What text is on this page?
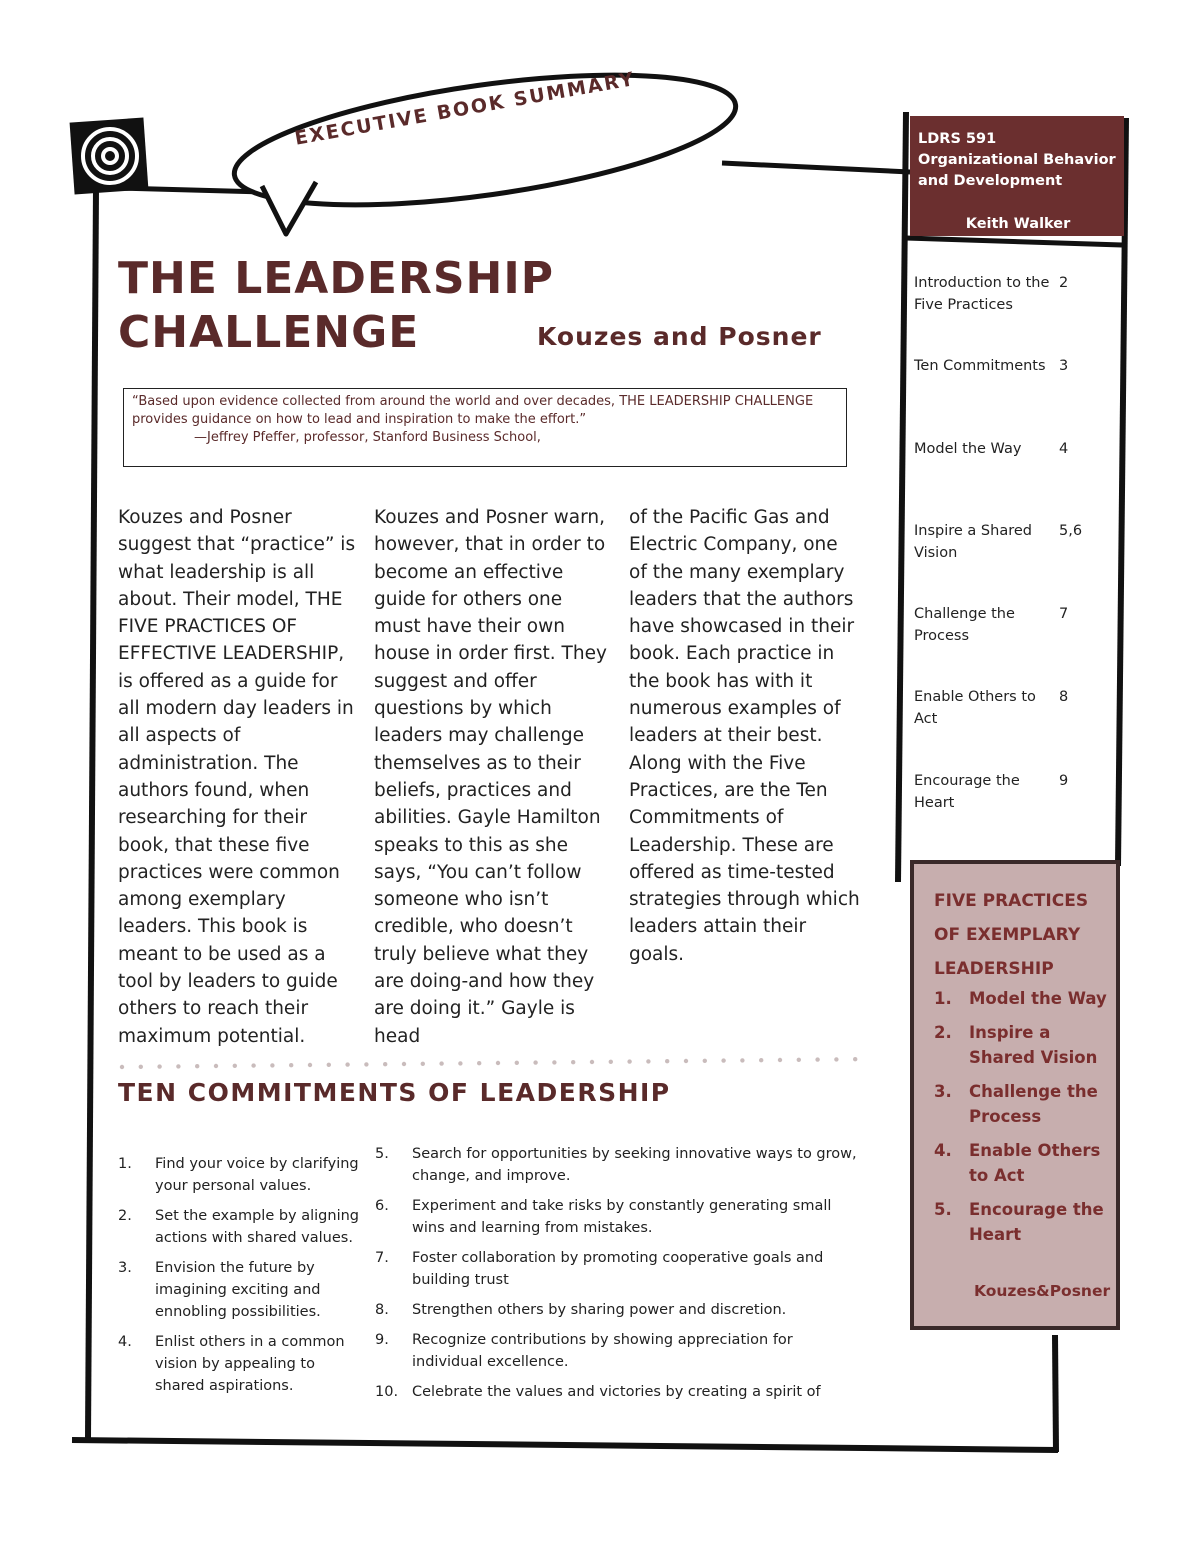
EXECUTIVE BOOK SUMMARY
THE LEADERSHIP
CHALLENGE	Kouzes and Posner
“Based upon evidence collected from around the world and over decades, THE LEADERSHIP CHALLENGE provides guidance on how to lead and inspiration to make the effort.”
—Jeffrey Pfeffer, professor, Stanford Business School,

Kouzes and Posner suggest that “practice” is what leadership is all about. Their model, THE FIVE PRACTICES OF EFFECTIVE LEADERSHIP, is offered as a guide for all modern day leaders in all aspects of administration. The authors found, when researching for their book, that these five practices were common among exemplary leaders. This book is meant to be used as a tool by leaders to guide others to reach their maximum potential.

Kouzes and Posner warn, however, that in order to become an effective guide for others one must have their own house in order first. They suggest and offer questions by which leaders may challenge themselves as to their beliefs, practices and abilities. Gayle Hamilton speaks to this as she says, “You can’t follow someone who isn’t credible, who doesn’t truly believe what they are doing-and how they are doing it.” Gayle is head

of the Pacific Gas and Electric Company, one of the many exemplary leaders that the authors have showcased in their book. Each practice in the book has with it numerous examples of leaders at their best. Along with the Five Practices, are the Ten Commitments of Leadership. These are offered as time-tested strategies through which leaders attain their goals.

TEN COMMITMENTS OF LEADERSHIP
1. Find your voice by clarifying your personal values.
2. Set the example by aligning actions with shared values.
3. Envision the future by imagining exciting and ennobling possibilities.
4. Enlist others in a common vision by appealing to shared aspirations.
5. Search for opportunities by seeking innovative ways to grow, change, and improve.
6. Experiment and take risks by constantly generating small wins and learning from mistakes.
7. Foster collaboration by promoting cooperative goals and building trust
8. Strengthen others by sharing power and discretion.
9. Recognize contributions by showing appreciation for individual excellence.
10. Celebrate the values and victories by creating a spirit of
LDRS 591 Organizational Behavior and Development
Keith Walker
Introduction to the Five Practices
2
Ten Commitments 3
Model the Way	4
Inspire a Shared Vision
5,6
Challenge the Process
7
Enable Others to Act
8
Encourage the Heart
9
FIVE PRACTICES OF EXEMPLARY LEADERSHIP
1. Model the Way
2. Inspire a Shared Vision
3. Challenge the Process
4. Enable Others to Act
5. Encourage the Heart
Kouzes&Posner
